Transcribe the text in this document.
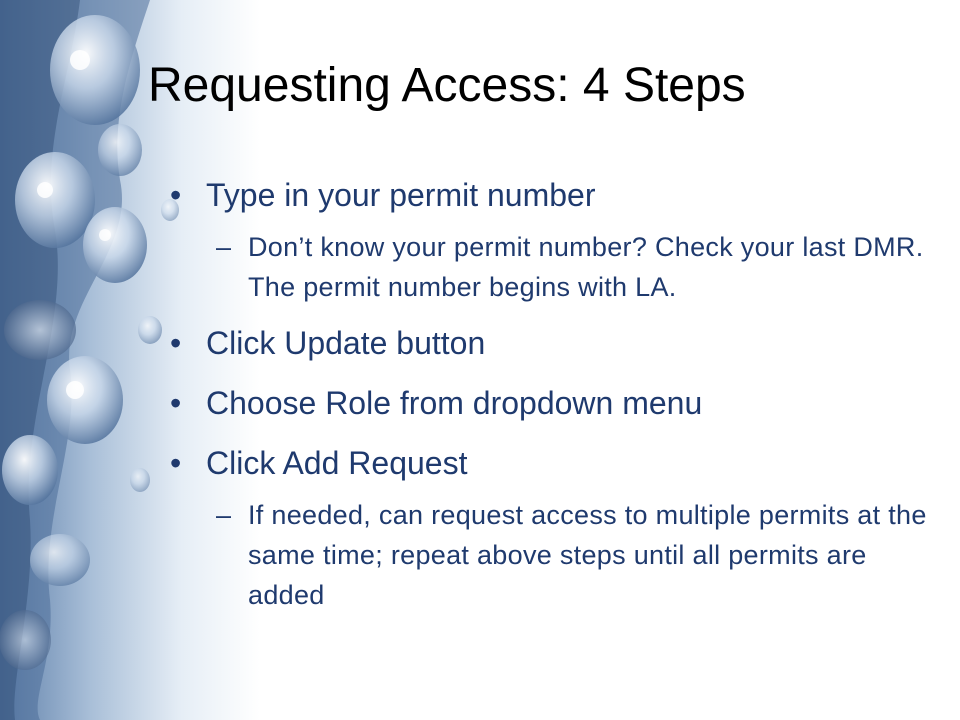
Requesting Access: 4 Steps
• Type in your permit number
– Don’t know your permit number? Check your last DMR. The permit number begins with LA.
• Click Update button
• Choose Role from dropdown menu
• Click Add Request
– If needed, can request access to multiple permits at the same time; repeat above steps until all permits are added
